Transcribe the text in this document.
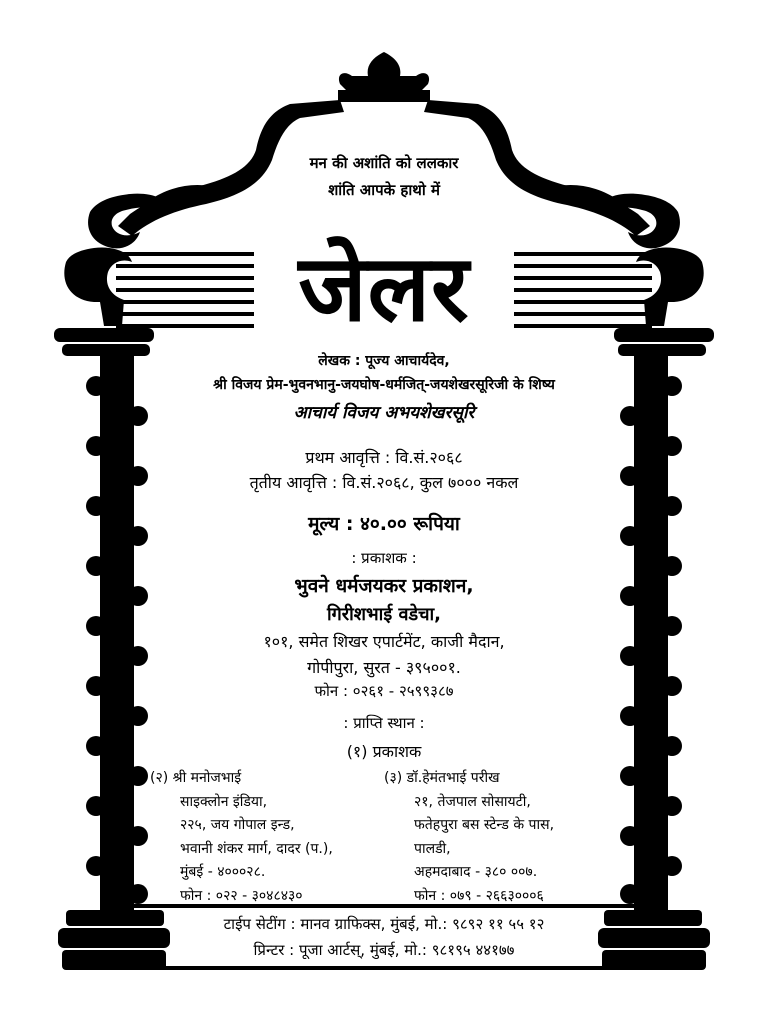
मन की अशांति को ललकार
शांति आपके हाथो में
जेलर
लेखक : पूज्य आचार्यदेव,
श्री विजय प्रेम-भुवनभानु-जयघोष-धर्मजित्-जयशेखरसूरिजी के शिष्य
आचार्य विजय अभयशेखरसूरि
प्रथम आवृत्ति : वि.सं.२०६८
तृतीय आवृत्ति : वि.सं.२०६८, कुल ७००० नकल
मूल्य : ४०.०० रूपिया
: प्रकाशक :
भुवने धर्मजयकर प्रकाशन,
गिरीशभाई वडेचा,
१०१, समेत शिखर एपार्टमेंट, काजी मैदान,
गोपीपुरा, सुरत - ३९५००१.
फोन : ०२६१ - २५९९३८७
: प्राप्ति स्थान :
(१) प्रकाशक
(२) श्री मनोजभाई
साइक्लोन इंडिया,
२२५, जय गोपाल इन्ड,
भवानी शंकर मार्ग, दादर (प.),
मुंबई - ४०००२८.
फोन : ०२२ - ३०४८४३०
(३) डॉ.हेमंतभाई परीख
२१, तेजपाल सोसायटी,
फतेहपुरा बस स्टेन्ड के पास,
पालडी,
अहमदाबाद - ३८० ००७.
फोन : ०७९ - २६६३०००६
टाईप सेटींग : मानव ग्राफिक्स, मुंबई, मो.: ९८९२ ११ ५५ १२
प्रिन्टर : पूजा आर्टस्, मुंबई, मो.: ९८१९५ ४४१७७
